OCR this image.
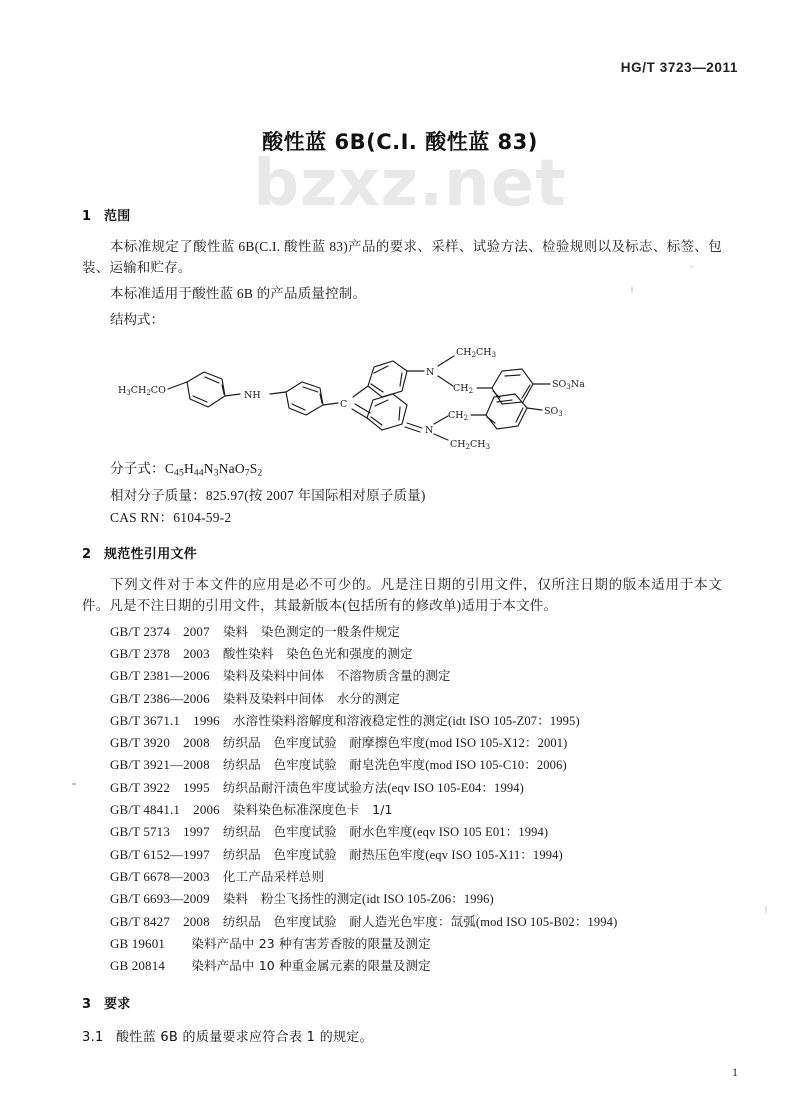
bzxz.net
HG/T 3723—2011
酸性蓝 6B(C.I. 酸性蓝 83)
1 范围

本标准规定了酸性蓝 6B(C.I. 酸性蓝 83)产品的要求、采样、试验方法、检验规则以及标志、标签、包装、运输和贮存。

本标准适用于酸性蓝 6B 的产品质量控制。

结构式：

$H_3CH_2CO$	NH
C
N
N
$CH_2CH_3$
$CH_2$
$CH_2$
$CH_2CH_3$
$SO_3Na$
$SO_3$
分子式：$C_{45}H_{44}N_3NaO_7S_2$
相对分子质量：825.97(按 2007 年国际相对原子质量)
CAS RN：6104-59-2
2 规范性引用文件

下列文件对于本文件的应用是必不可少的。凡是注日期的引用文件，仅所注日期的版本适用于本文件。凡是不注日期的引用文件，其最新版本(包括所有的修改单)适用于本文件。

GB/T 2374　2007　 染料　染色测定的一般条件规定
GB/T 2378　2003　 酸性染料　染色色光和强度的测定
GB/T 2381—2006　 染料及染料中间体　不溶物质含量的测定
GB/T 2386—2006　 染料及染料中间体　水分的测定
GB/T 3671.1　1996　 水溶性染料溶解度和溶液稳定性的测定(idt ISO 105-Z07：1995)
GB/T 3920　2008　 纺织品　色牢度试验　耐摩擦色牢度(mod ISO 105-X12：2001)
GB/T 3921—2008　 纺织品　色牢度试验　耐皂洗色牢度(mod ISO 105-C10：2006)
GB/T 3922　1995　 纺织品耐汗渍色牢度试验方法(eqv ISO 105-E04：1994)
GB/T 4841.1　2006　 染料染色标准深度色卡　1/1
GB/T 5713　1997　 纺织品　色牢度试验　耐水色牢度(eqv ISO 105 E01：1994)
GB/T 6152—1997　 纺织品　色牢度试验　耐热压色牢度(eqv ISO 105-X11：1994)
GB/T 6678—2003　 化工产品采样总则
GB/T 6693—2009　 染料　粉尘飞扬性的测定(idt ISO 105-Z06：1996)
GB/T 8427　2008　 纺织品　色牢度试验　耐人造光色牢度：氙弧(mod ISO 105-B02：1994)
GB 19601　　染料产品中 23 种有害芳香胺的限量及测定
GB 20814　　染料产品中 10 种重金属元素的限量及测定
3 要求
3.1 酸性蓝 6B 的质量要求应符合表 1 的规定。
1
